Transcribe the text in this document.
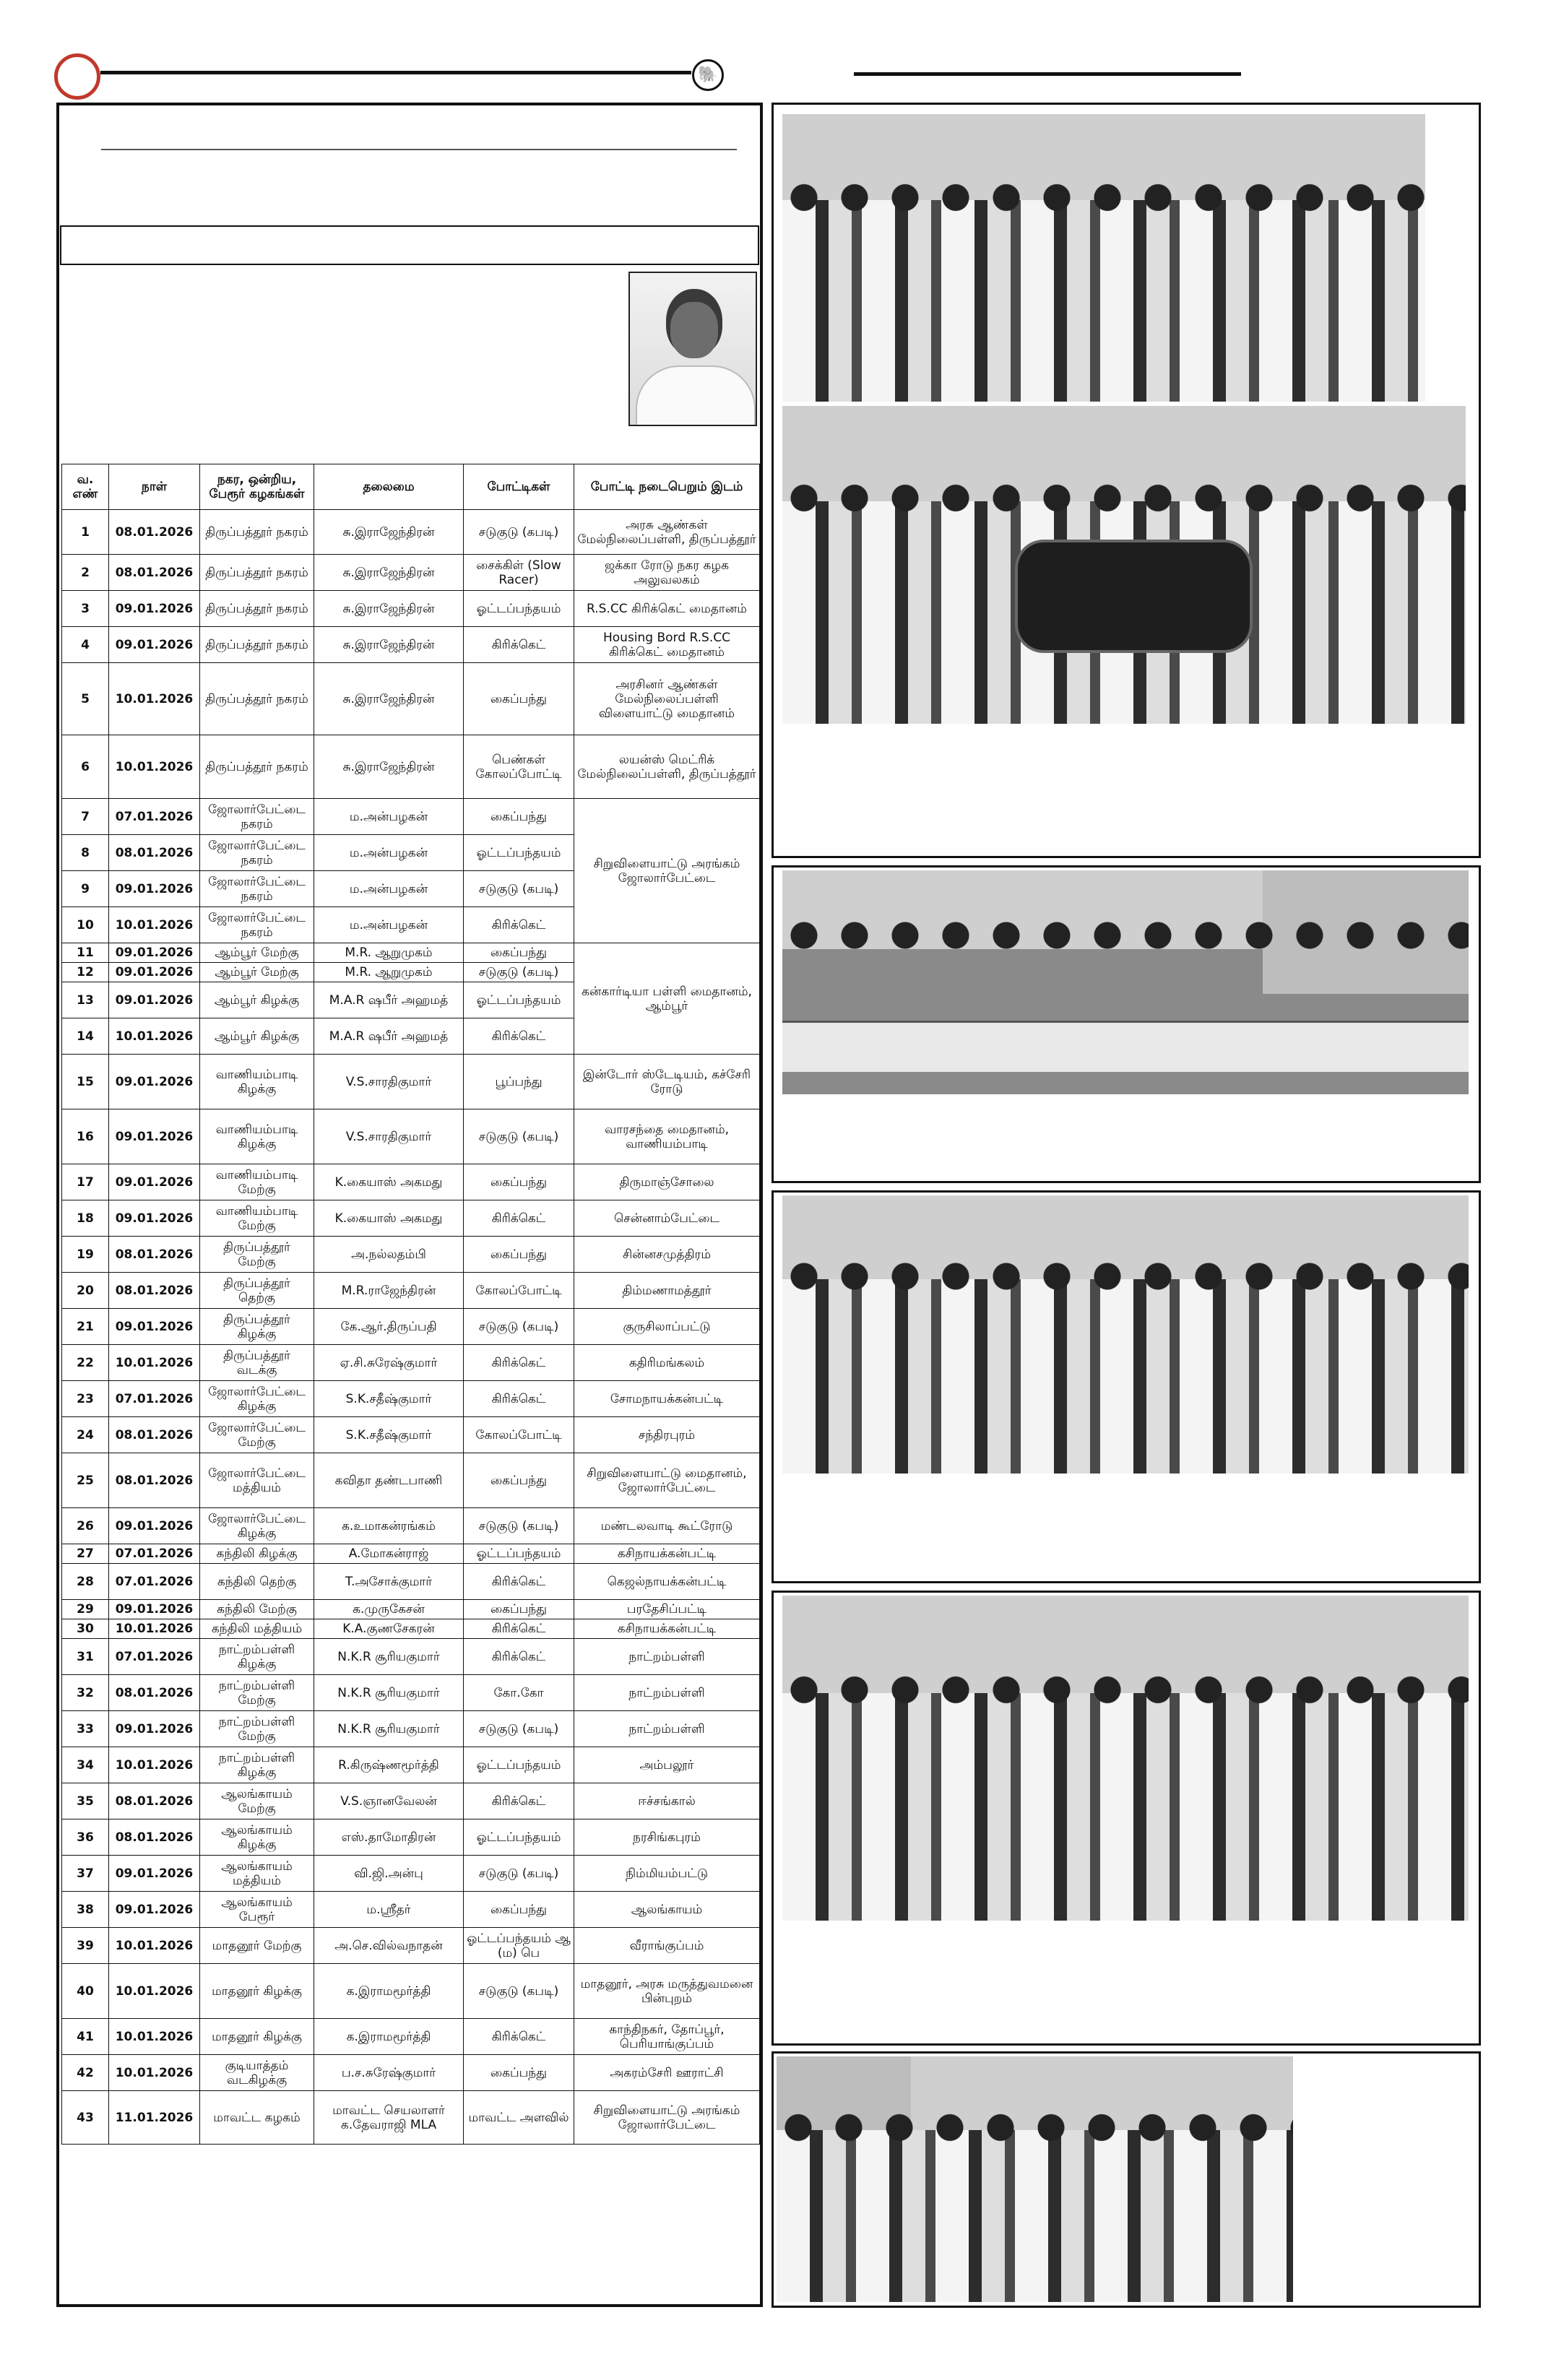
🐘
வ. எண்	நாள்	நகர, ஒன்றிய, பேரூர் கழகங்கள்	தலைமை	போட்டிகள்	போட்டி நடைபெறும் இடம்
1	08.01.2026	திருப்பத்தூர் நகரம்	சு.இராஜேந்திரன்	சடுகுடு (கபடி)	அரசு ஆண்கள் மேல்நிலைப்பள்ளி, திருப்பத்தூர்
2	08.01.2026	திருப்பத்தூர் நகரம்	சு.இராஜேந்திரன்	சைக்கிள் (Slow Racer)	ஜக்கா ரோடு நகர கழக அலுவலகம்
3	09.01.2026	திருப்பத்தூர் நகரம்	சு.இராஜேந்திரன்	ஓட்டப்பந்தயம்	R.S.CC கிரிக்கெட் மைதானம்
4	09.01.2026	திருப்பத்தூர் நகரம்	சு.இராஜேந்திரன்	கிரிக்கெட்	Housing Bord R.S.CC கிரிக்கெட் மைதானம்
5	10.01.2026	திருப்பத்தூர் நகரம்	சு.இராஜேந்திரன்	கைப்பந்து	அரசினர் ஆண்கள் மேல்நிலைப்பள்ளி விளையாட்டு மைதானம்
6	10.01.2026	திருப்பத்தூர் நகரம்	சு.இராஜேந்திரன்	பெண்கள் கோலப்போட்டி	லயன்ஸ் மெட்ரிக் மேல்நிலைப்பள்ளி, திருப்பத்தூர்
7	07.01.2026	ஜோலார்பேட்டை நகரம்	ம.அன்பழகன்	கைப்பந்து	சிறுவிளையாட்டு அரங்கம் ஜோலார்பேட்டை
8	08.01.2026	ஜோலார்பேட்டை நகரம்	ம.அன்பழகன்	ஓட்டப்பந்தயம்	
9	09.01.2026	ஜோலார்பேட்டை நகரம்	ம.அன்பழகன்	சடுகுடு (கபடி)	
10	10.01.2026	ஜோலார்பேட்டை நகரம்	ம.அன்பழகன்	கிரிக்கெட்	
11	09.01.2026	ஆம்பூர் மேற்கு	M.R. ஆறுமுகம்	கைப்பந்து	கன்கார்டியா பள்ளி மைதானம், ஆம்பூர்
12	09.01.2026	ஆம்பூர் மேற்கு	M.R. ஆறுமுகம்	சடுகுடு (கபடி)	
13	09.01.2026	ஆம்பூர் கிழக்கு	M.A.R ஷபீர் அஹமத்	ஓட்டப்பந்தயம்	
14	10.01.2026	ஆம்பூர் கிழக்கு	M.A.R ஷபீர் அஹமத்	கிரிக்கெட்	
15	09.01.2026	வாணியம்பாடி கிழக்கு	V.S.சாரதிகுமார்	பூப்பந்து	இன்டோர் ஸ்டேடியம், கச்சேரி ரோடு
16	09.01.2026	வாணியம்பாடி கிழக்கு	V.S.சாரதிகுமார்	சடுகுடு (கபடி)	வாரசந்தை மைதானம், வாணியம்பாடி
17	09.01.2026	வாணியம்பாடி மேற்கு	K.கையாஸ் அகமது	கைப்பந்து	திருமாஞ்சோலை
18	09.01.2026	வாணியம்பாடி மேற்கு	K.கையாஸ் அகமது	கிரிக்கெட்	சென்னாம்பேட்டை
19	08.01.2026	திருப்பத்தூர் மேற்கு	அ.நல்லதம்பி	கைப்பந்து	சின்னசமுத்திரம்
20	08.01.2026	திருப்பத்தூர் தெற்கு	M.R.ராஜேந்திரன்	கோலப்போட்டி	திம்மணாமத்தூர்
21	09.01.2026	திருப்பத்தூர் கிழக்கு	கே.ஆர்.திருப்பதி	சடுகுடு (கபடி)	குருசிலாப்பட்டு
22	10.01.2026	திருப்பத்தூர் வடக்கு	ஏ.சி.சுரேஷ்குமார்	கிரிக்கெட்	கதிரிமங்கலம்
23	07.01.2026	ஜோலார்பேட்டை கிழக்கு	S.K.சதீஷ்குமார்	கிரிக்கெட்	சோமநாயக்கன்பட்டி
24	08.01.2026	ஜோலார்பேட்டை மேற்கு	S.K.சதீஷ்குமார்	கோலப்போட்டி	சந்திரபுரம்
25	08.01.2026	ஜோலார்பேட்டை மத்தியம்	கவிதா தண்டபாணி	கைப்பந்து	சிறுவிளையாட்டு மைதானம், ஜோலார்பேட்டை
26	09.01.2026	ஜோலார்பேட்டை கிழக்கு	க.உமாகன்ரங்கம்	சடுகுடு (கபடி)	மண்டலவாடி கூட்ரோடு
27	07.01.2026	கந்திலி கிழக்கு	A.மோகன்ராஜ்	ஓட்டப்பந்தயம்	கசிநாயக்கன்பட்டி
28	07.01.2026	கந்திலி தெற்கு	T.அசோக்குமார்	கிரிக்கெட்	கெஜல்நாயக்கன்பட்டி
29	09.01.2026	கந்திலி மேற்கு	க.முருகேசன்	கைப்பந்து	பரதேசிப்பட்டி
30	10.01.2026	கந்திலி மத்தியம்	K.A.குணசேகரன்	கிரிக்கெட்	கசிநாயக்கன்பட்டி
31	07.01.2026	நாட்றம்பள்ளி கிழக்கு	N.K.R சூரியகுமார்	கிரிக்கெட்	நாட்றம்பள்ளி
32	08.01.2026	நாட்றம்பள்ளி மேற்கு	N.K.R சூரியகுமார்	கோ.கோ	நாட்றம்பள்ளி
33	09.01.2026	நாட்றம்பள்ளி மேற்கு	N.K.R சூரியகுமார்	சடுகுடு (கபடி)	நாட்றம்பள்ளி
34	10.01.2026	நாட்றம்பள்ளி கிழக்கு	R.கிருஷ்ணமூர்த்தி	ஓட்டப்பந்தயம்	அம்பலூர்
35	08.01.2026	ஆலங்காயம் மேற்கு	V.S.ஞானவேலன்	கிரிக்கெட்	ஈச்சங்கால்
36	08.01.2026	ஆலங்காயம் கிழக்கு	எஸ்.தாமோதிரன்	ஓட்டப்பந்தயம்	நரசிங்கபுரம்
37	09.01.2026	ஆலங்காயம் மத்தியம்	வி.ஜி.அன்பு	சடுகுடு (கபடி)	நிம்மியம்பட்டு
38	09.01.2026	ஆலங்காயம் பேரூர்	ம.ஸ்ரீதர்	கைப்பந்து	ஆலங்காயம்
39	10.01.2026	மாதனூர் மேற்கு	அ.செ.வில்வநாதன்	ஓட்டப்பந்தயம் ஆ (ம) பெ	வீராங்குப்பம்
40	10.01.2026	மாதனூர் கிழக்கு	க.இராமமூர்த்தி	சடுகுடு (கபடி)	மாதனூர், அரசு மருத்துவமனை பின்புறம்
41	10.01.2026	மாதனூர் கிழக்கு	க.இராமமூர்த்தி	கிரிக்கெட்	காந்திநகர், தோப்பூர், பெரியாங்குப்பம்
42	10.01.2026	குடியாத்தம் வடகிழக்கு	ப.ச.சுரேஷ்குமார்	கைப்பந்து	அகரம்சேரி ஊராட்சி
43	11.01.2026	மாவட்ட கழகம்	மாவட்ட செயலாளர் க.தேவராஜி MLA	மாவட்ட அளவில்	சிறுவிளையாட்டு அரங்கம் ஜோலார்பேட்டை
